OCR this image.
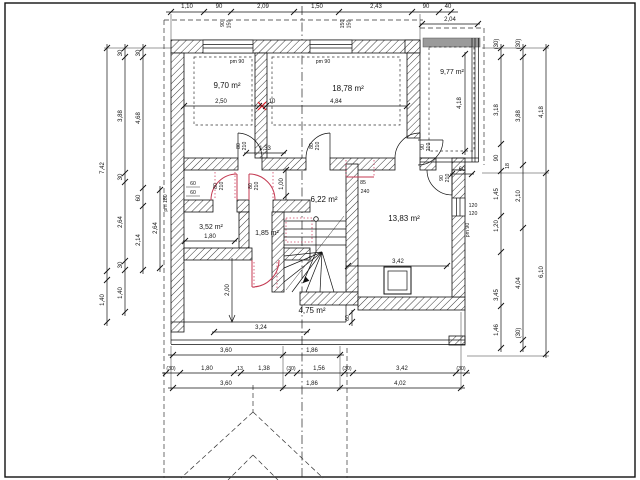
1,10	90	2,09	1,50	2,43	90	40
2,04
7,42
1,40
30
3,88
30
2,64
30
1,40
30
4,68
60
2,14
2,64
pm 180
(30)
3,18
90
1,45
1,20
3,45
1,46
(30)
3,88
2,10
4,04
(30)
4,18
6,10
18
60
120
120
4,18
pm 90
3,60	1,86
(30)	1,80	13	1,38	(30)	1,56	(30)	3,42	(30)
3,60	1,86	4,02
2,50	10	4,84
1,33
1,00	85
240
1,80
3,24
2,00
60
3,42
60
60
pm 90	pm 90
90 150	150 150
80 210	80 210	90 210
90 210
80 210	80 210
9,70 m²	18,78 m²
9,77 m²
6,22 m²
3,52 m²
1,85 m²
13,83 m²
4,75 m²
